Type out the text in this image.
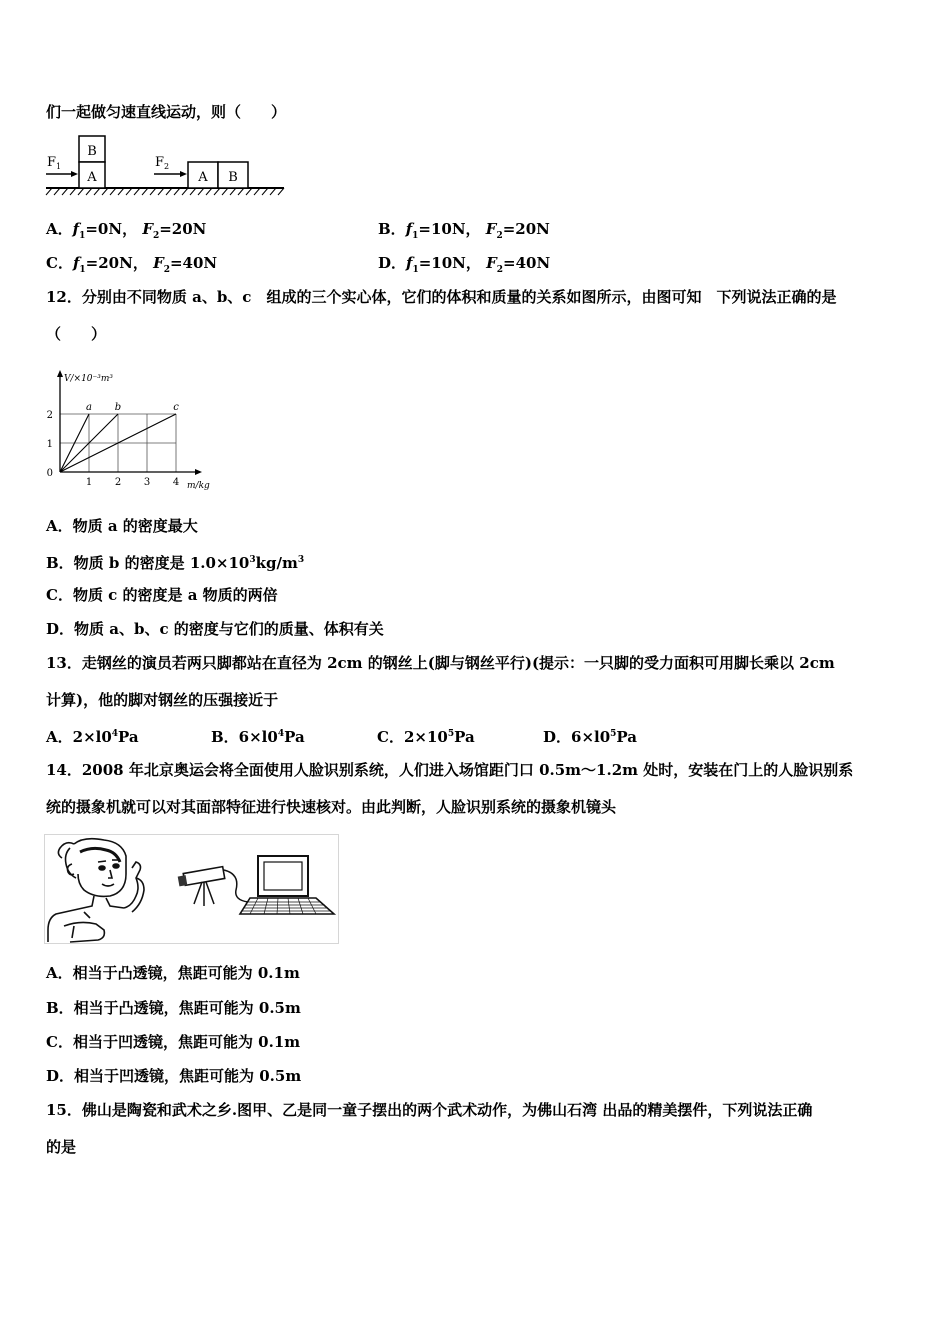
们一起做匀速直线运动，则（　　）
$F_1$
B
A
$F_2$
A B
A．$f_1=0N$， $F_2=20N$	B．$f_1=10N$， $F_2=20N$
C．$f_1=20N$， $F_2=40N$	D．$f_1=10N$， $F_2=40N$
12．分别由不同物质 a、b、c　组成的三个实心体，它们的体积和质量的关系如图所示，由图可知　下列说法正确的是
（　　）
a b	c
1 2 3 4
0
1
2
V/×10⁻³m³
m/kg
A．物质 a 的密度最大
B．物质 b 的密度是 $1.0\times 10^3kg/m^3$
C．物质 c 的密度是 a 物质的两倍
D．物质 a、b、c 的密度与它们的质量、体积有关
13．走钢丝的演员若两只脚都站在直径为 2cm 的钢丝上(脚与钢丝平行)(提示：一只脚的受力面积可用脚长乘以 2cm
计算)，他的脚对钢丝的压强接近于
A．$2\times l0^4Pa$	B．$6\times l0^4Pa$	C．$2\times 10^5Pa$	D．$6\times l0^5Pa$
14．2008 年北京奥运会将全面使用人脸识别系统，人们进入场馆距门口 0.5m～1.2m 处时，安装在门上的人脸识别系
统的摄象机就可以对其面部特征进行快速核对。由此判断，人脸识别系统的摄象机镜头
A．相当于凸透镜，焦距可能为 0.1m
B．相当于凸透镜，焦距可能为 0.5m
C．相当于凹透镜，焦距可能为 0.1m
D．相当于凹透镜，焦距可能为 0.5m
15．佛山是陶瓷和武术之乡.图甲、乙是同一童子摆出的两个武术动作，为佛山石湾 出品的精美摆件，下列说法正确
的是
